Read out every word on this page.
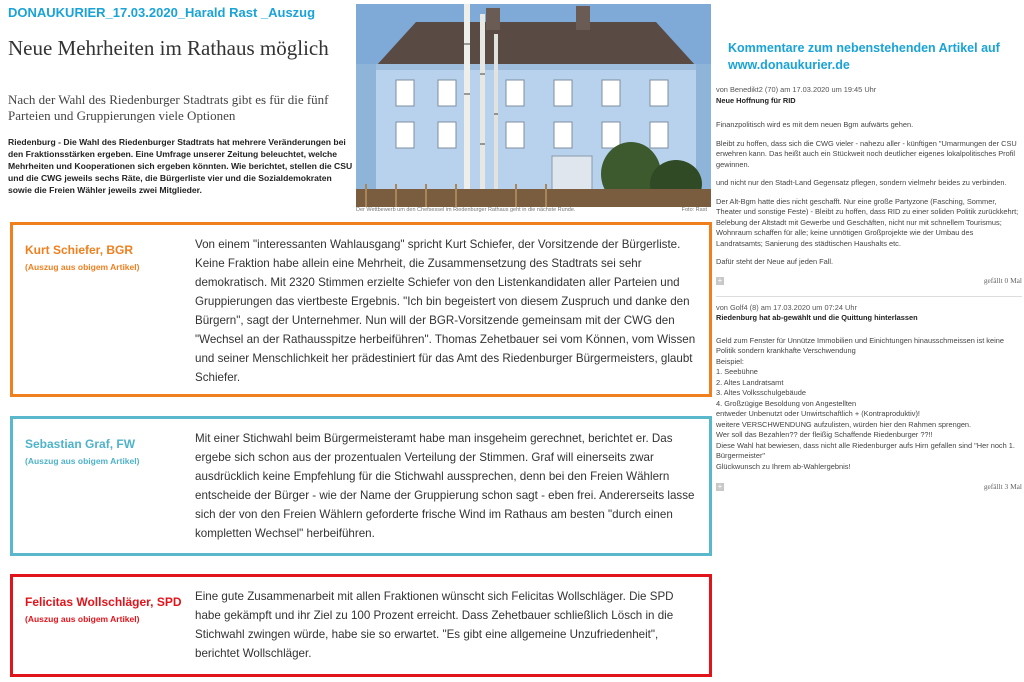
DONAUKURIER_17.03.2020_Harald Rast _Auszug
Neue Mehrheiten im Rathaus möglich
Nach der Wahl des Riedenburger Stadtrats gibt es für die fünf Parteien und Gruppierungen viele Optionen
Riedenburg - Die Wahl des Riedenburger Stadtrats hat mehrere Veränderungen bei den Fraktionsstärken ergeben. Eine Umfrage unserer Zeitung beleuchtet, welche Mehrheiten und Kooperationen sich ergeben könnten. Wie berichtet, stellen die CSU und die CWG jeweils sechs Räte, die Bürgerliste vier und die Sozialdemokraten sowie die Freien Wähler jeweils zwei Mitglieder.
Der Wettbewerb um den Chefsessel im Riedenburger Rathaus geht in die nächste Runde.	Foto: Rast
Kommentare zum nebenstehenden Artikel auf
www.donaukurier.de
von Benedikt2 (70) am 17.03.2020 um 19:45 Uhr
Neue Hoffnung für RID

Finanzpolitisch wird es mit dem neuen Bgm aufwärts gehen.

Bleibt zu hoffen, dass sich die CWG vieler - nahezu aller - künftigen "Umarmungen der CSU erwehren kann. Das heißt auch ein Stückweit noch deutlicher eigenes lokalpolitisches Profil gewinnen.

und nicht nur den Stadt-Land Gegensatz pflegen, sondern vielmehr beides zu verbinden.

Der Alt-Bgm hatte dies nicht geschafft. Nur eine große Partyzone (Fasching, Sommer, Theater und sonstige Feste) - Bleibt zu hoffen, dass RID zu einer soliden Politik zurückkehrt; Belebung der Altstadt mit Gewerbe und Geschäften, nicht nur mit schnellem Tourismus; Wohnraum schaffen für alle; keine unnötigen Großprojekte wie der Umbau des Landratsamts; Sanierung des städtischen Haushalts etc.

Dafür steht der Neue auf jeden Fall.

+	gefällt 0 Mal
von Golf4 (8) am 17.03.2020 um 07:24 Uhr
Riedenburg hat ab-gewählt und die Quittung hinterlassen
Geld zum Fenster für Unnütze Immobilien und Einichtungen hinausschmeissen ist keine Politik sondern krankhafte Verschwendung
Beispiel:
1. Seebühne
2. Altes Landratsamt
3. Altes Volksschulgebäude
4. Großzügige Besoldung von Angestellten
entweder Unbenutzt oder Unwirtschaftlich + (Kontraproduktiv)!
weitere VERSCHWENDUNG aufzulisten, würden hier den Rahmen sprengen.
Wer soll das Bezahlen?? der fleißig Schaffende Riedenburger ??!!
Diese Wahl hat bewiesen, dass nicht alle Riedenburger aufs Hirn gefallen sind "Her noch 1. Bürgermeister"
Glückwunsch zu Ihrem ab-Wahlergebnis!
+	gefällt 3 Mal
Kurt Schiefer, BGR
(Auszug aus obigem Artikel)
Von einem "interessanten Wahlausgang" spricht Kurt Schiefer, der Vorsitzende der Bürgerliste. Keine Fraktion habe allein eine Mehrheit, die Zusammensetzung des Stadtrats sei sehr demokratisch. Mit 2320 Stimmen erzielte Schiefer von den Listenkandidaten aller Parteien und Gruppierungen das viertbeste Ergebnis. "Ich bin begeistert von diesem Zuspruch und danke den Bürgern", sagt der Unternehmer. Nun will der BGR-Vorsitzende gemeinsam mit der CWG den "Wechsel an der Rathausspitze herbeiführen". Thomas Zehetbauer sei vom Können, vom Wissen und seiner Menschlichkeit her prädestiniert für das Amt des Riedenburger Bürgermeisters, glaubt Schiefer.
Sebastian Graf, FW
(Auszug aus obigem Artikel)
Mit einer Stichwahl beim Bürgermeisteramt habe man insgeheim gerechnet, berichtet er. Das ergebe sich schon aus der prozentualen Verteilung der Stimmen. Graf will einerseits zwar ausdrücklich keine Empfehlung für die Stichwahl aussprechen, denn bei den Freien Wählern entscheide der Bürger - wie der Name der Gruppierung schon sagt - eben frei. Andererseits lasse sich der von den Freien Wählern geforderte frische Wind im Rathaus am besten "durch einen kompletten Wechsel" herbeiführen.
Felicitas Wollschläger, SPD
(Auszug aus obigem Artikel)
Eine gute Zusammenarbeit mit allen Fraktionen wünscht sich Felicitas Wollschläger. Die SPD habe gekämpft und ihr Ziel zu 100 Prozent erreicht. Dass Zehetbauer schließlich Lösch in die Stichwahl zwingen würde, habe sie so erwartet. "Es gibt eine allgemeine Unzufriedenheit", berichtet Wollschläger.
